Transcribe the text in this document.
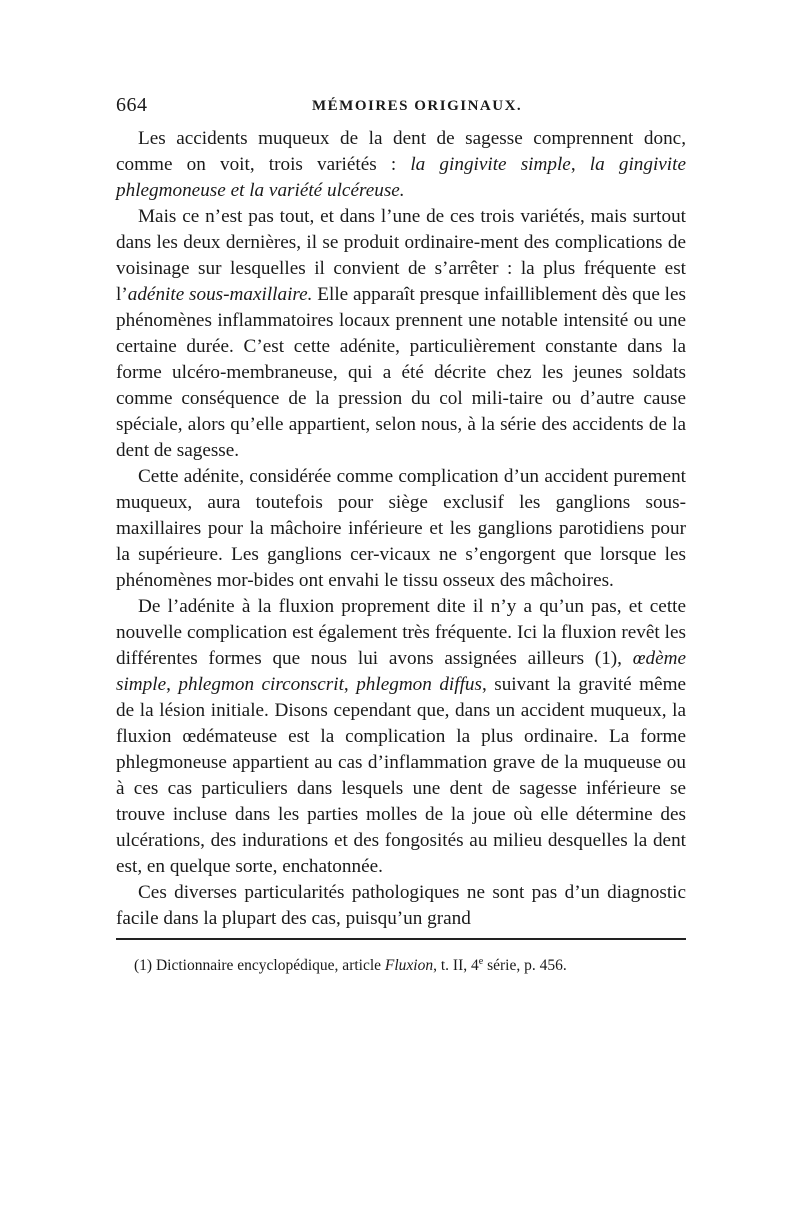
664	MÉMOIRES ORIGINAUX.

Les accidents muqueux de la dent de sagesse comprennent donc, comme on voit, trois variétés : la gingivite simple, la gingivite phlegmoneuse et la variété ulcéreuse.

Mais ce n’est pas tout, et dans l’une de ces trois variétés, mais surtout dans les deux dernières, il se produit ordinaire-ment des complications de voisinage sur lesquelles il convient de s’arrêter : la plus fréquente est l’adénite sous-maxillaire. Elle apparaît presque infailliblement dès que les phénomènes inflammatoires locaux prennent une notable intensité ou une certaine durée. C’est cette adénite, particulièrement constante dans la forme ulcéro-membraneuse, qui a été décrite chez les jeunes soldats comme conséquence de la pression du col mili-taire ou d’autre cause spéciale, alors qu’elle appartient, selon nous, à la série des accidents de la dent de sagesse.

Cette adénite, considérée comme complication d’un accident purement muqueux, aura toutefois pour siège exclusif les ganglions sous-maxillaires pour la mâchoire inférieure et les ganglions parotidiens pour la supérieure. Les ganglions cer-vicaux ne s’engorgent que lorsque les phénomènes mor-bides ont envahi le tissu osseux des mâchoires.

De l’adénite à la fluxion proprement dite il n’y a qu’un pas, et cette nouvelle complication est également très fréquente. Ici la fluxion revêt les différentes formes que nous lui avons assignées ailleurs (1), œdème simple, phlegmon circonscrit, phlegmon diffus, suivant la gravité même de la lésion initiale. Disons cependant que, dans un accident muqueux, la fluxion œdémateuse est la complication la plus ordinaire. La forme phlegmoneuse appartient au cas d’inflammation grave de la muqueuse ou à ces cas particuliers dans lesquels une dent de sagesse inférieure se trouve incluse dans les parties molles de la joue où elle détermine des ulcérations, des indurations et des fongosités au milieu desquelles la dent est, en quelque sorte, enchatonnée.

Ces diverses particularités pathologiques ne sont pas d’un diagnostic facile dans la plupart des cas, puisqu’un grand

(1) Dictionnaire encyclopédique, article Fluxion, t. II, 4e série, p. 456.
